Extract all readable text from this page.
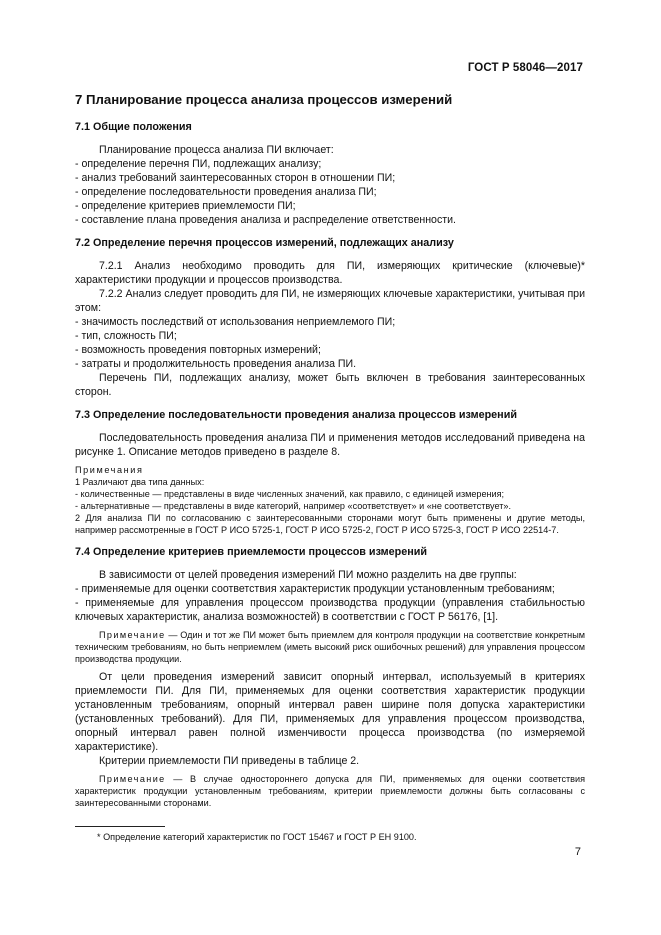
ГОСТ Р 58046—2017
7 Планирование процесса анализа процессов измерений
7.1 Общие положения

Планирование процесса анализа ПИ включает:

- определение перечня ПИ, подлежащих анализу;

- анализ требований заинтересованных сторон в отношении ПИ;

- определение последовательности проведения анализа ПИ;

- определение критериев приемлемости ПИ;

- составление плана проведения анализа и распределение ответственности.

7.2 Определение перечня процессов измерений, подлежащих анализу

7.2.1 Анализ необходимо проводить для ПИ, измеряющих критические (ключевые)* характеристики продукции и процессов производства.

7.2.2 Анализ следует проводить для ПИ, не измеряющих ключевые характеристики, учитывая при этом:

- значимость последствий от использования неприемлемого ПИ;

- тип, сложность ПИ;

- возможность проведения повторных измерений;

- затраты и продолжительность проведения анализа ПИ.

Перечень ПИ, подлежащих анализу, может быть включен в требования заинтересованных сторон.

7.3 Определение последовательности проведения анализа процессов измерений

Последовательность проведения анализа ПИ и применения методов исследований приведена на рисунке 1. Описание методов приведено в разделе 8.

Примечания

1 Различают два типа данных:

- количественные — представлены в виде численных значений, как правило, с единицей измерения;

- альтернативные — представлены в виде категорий, например «соответствует» и «не соответствует».

2 Для анализа ПИ по согласованию с заинтересованными сторонами могут быть применены и другие методы, например рассмотренные в ГОСТ Р ИСО 5725-1, ГОСТ Р ИСО 5725-2, ГОСТ Р ИСО 5725-3, ГОСТ Р ИСО 22514-7.

7.4 Определение критериев приемлемости процессов измерений

В зависимости от целей проведения измерений ПИ можно разделить на две группы:

- применяемые для оценки соответствия характеристик продукции установленным требованиям;

- применяемые для управления процессом производства продукции (управления стабильностью ключевых характеристик, анализа возможностей) в соответствии с ГОСТ Р 56176, [1].

Примечание — Один и тот же ПИ может быть приемлем для контроля продукции на соответствие конкретным техническим требованиям, но быть неприемлем (иметь высокий риск ошибочных решений) для управления процессом производства продукции.

От цели проведения измерений зависит опорный интервал, используемый в критериях приемлемости ПИ. Для ПИ, применяемых для оценки соответствия характеристик продукции установленным требованиям, опорный интервал равен ширине поля допуска характеристики (установленных требований). Для ПИ, применяемых для управления процессом производства, опорный интервал равен полной изменчивости процесса производства (по измеряемой характеристике).

Критерии приемлемости ПИ приведены в таблице 2.

Примечание — В случае одностороннего допуска для ПИ, применяемых для оценки соответствия характеристик продукции установленным требованиям, критерии приемлемости должны быть согласованы с заинтересованными сторонами.

* Определение категорий характеристик по ГОСТ 15467 и ГОСТ Р ЕН 9100.
7
